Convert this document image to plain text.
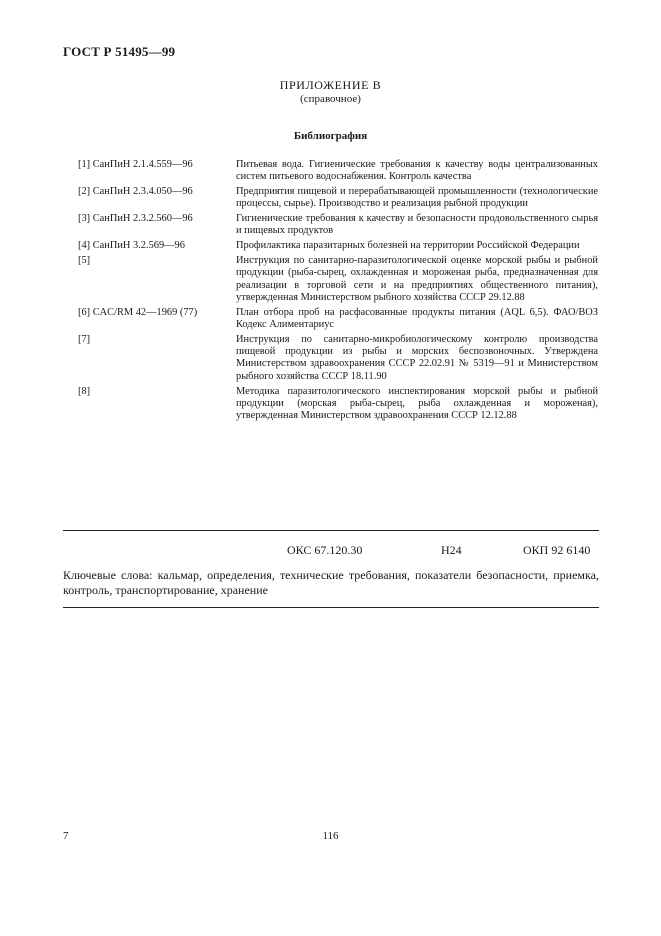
ГОСТ Р 51495—99
ПРИЛОЖЕНИЕ В
(справочное)
Библиография
[1] СанПиН 2.1.4.559—96	Питьевая вода. Гигиенические требования к качеству воды централизованных систем питьевого водоснабжения. Контроль качества
[2] СанПиН 2.3.4.050—96	Предприятия пищевой и перерабатывающей промышленности (технологические процессы, сырье). Производство и реализация рыбной продукции
[3] СанПиН 2.3.2.560—96	Гигиенические требования к качеству и безопасности продовольственного сырья и пищевых продуктов
[4] СанПиН 3.2.569—96	Профилактика паразитарных болезней на территории Российской Федерации
[5]	Инструкция по санитарно-паразитологической оценке морской рыбы и рыбной продукции (рыба-сырец, охлажденная и мороженая рыба, предназначенная для реализации в торговой сети и на предприятиях общественного питания), утвержденная Министерством рыбного хозяйства СССР 29.12.88
[6] CAC/RM 42—1969 (77)	План отбора проб на расфасованные продукты питания (AQL 6,5). ФАО/ВОЗ Кодекс Алиментариус
[7]	Инструкция по санитарно-микробиологическому контролю производства пищевой продукции из рыбы и морских беспозвоночных. Утверждена Министерством здравоохранения СССР 22.02.91 № 5319—91 и Министерством рыбного хозяйства СССР 18.11.90
[8]	Методика паразитологического инспектирования морской рыбы и рыбной продукции (морская рыба-сырец, рыба охлажденная и мороженая), утвержденная Министерством здравоохранения СССР 12.12.88
ОКС 67.120.30	Н24	ОКП 92 6140
Ключевые слова: кальмар, определения, технические требования, показатели безопасности, приемка, контроль, транспортирование, хранение
7	116
